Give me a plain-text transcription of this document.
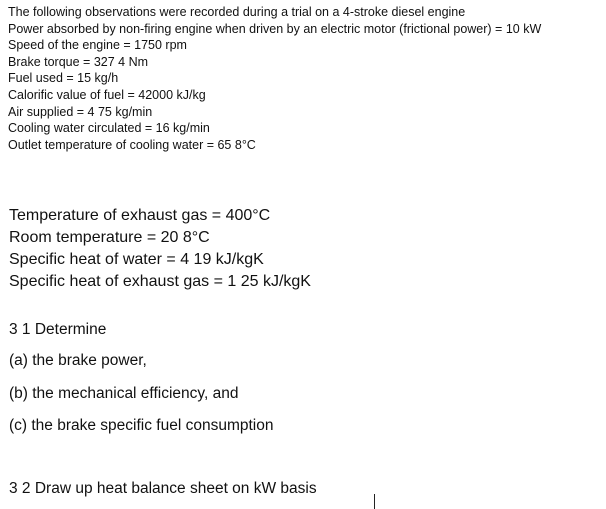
The following observations were recorded during a trial on a 4-stroke diesel engine

Power absorbed by non-firing engine when driven by an electric motor (frictional power) = 10 kW

Speed of the engine = 1750 rpm

Brake torque = 327 4 Nm

Fuel used = 15 kg/h

Calorific value of fuel = 42000 kJ/kg

Air supplied = 4 75 kg/min

Cooling water circulated = 16 kg/min

Outlet temperature of cooling water = 65 8°C

Temperature of exhaust gas = 400°C

Room temperature = 20 8°C

Specific heat of water = 4 19 kJ/kgK

Specific heat of exhaust gas = 1 25 kJ/kgK

3 1 Determine

(a) the brake power,

(b) the mechanical efficiency, and

(c) the brake specific fuel consumption

3 2 Draw up heat balance sheet on kW basis
